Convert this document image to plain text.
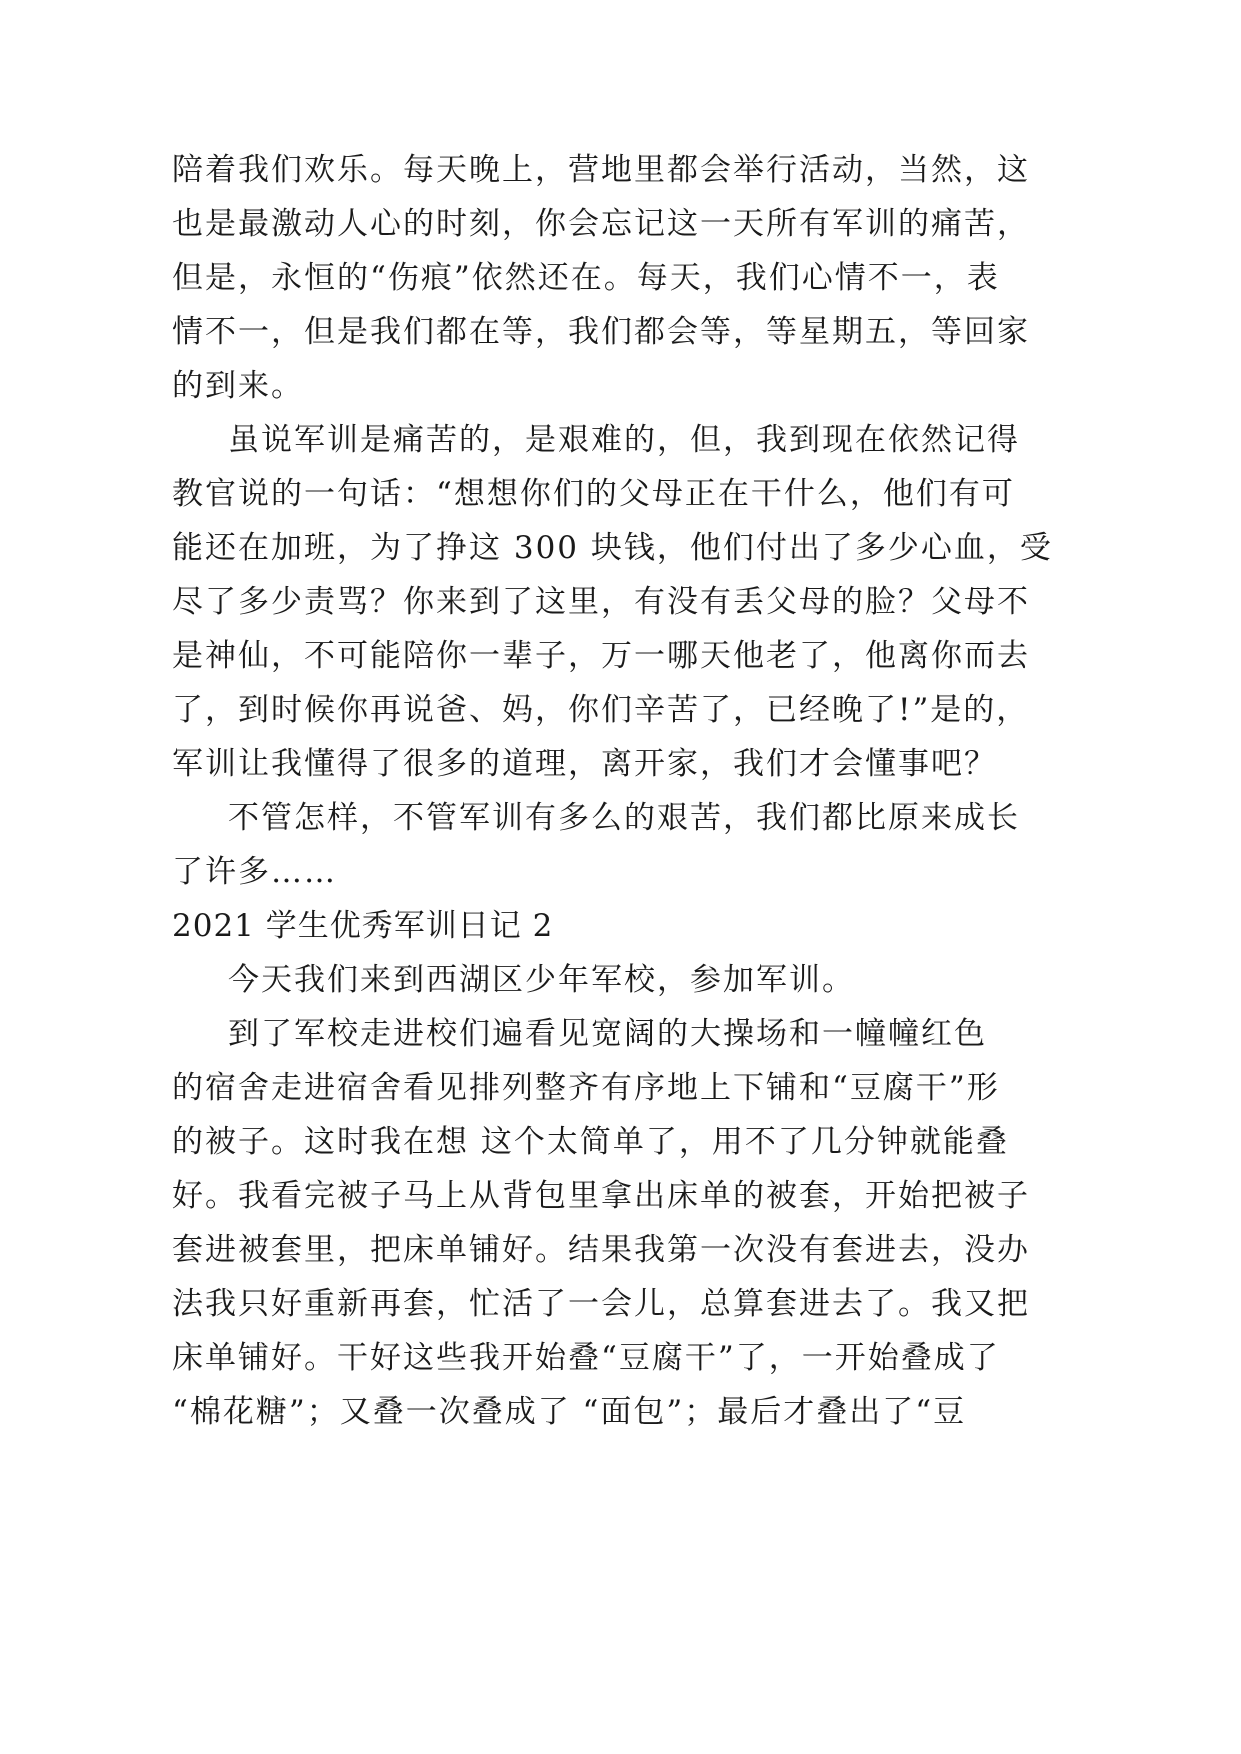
陪着我们欢乐。每天晚上，营地里都会举行活动，当然，这
也是最激动人心的时刻，你会忘记这一天所有军训的痛苦，
但是，永恒的“伤痕”依然还在。每天，我们心情不一，表
情不一，但是我们都在等，我们都会等，等星期五，等回家
的到来。
虽说军训是痛苦的，是艰难的，但，我到现在依然记得
教官说的一句话：“想想你们的父母正在干什么，他们有可
能还在加班，为了挣这 300 块钱，他们付出了多少心血，受
尽了多少责骂？你来到了这里，有没有丢父母的脸？父母不
是神仙，不可能陪你一辈子，万一哪天他老了，他离你而去
了，到时候你再说爸、妈，你们辛苦了，已经晚了!”是的，
军训让我懂得了很多的道理，离开家，我们才会懂事吧？
不管怎样，不管军训有多么的艰苦，我们都比原来成长
了许多……
2021 学生优秀军训日记 2
今天我们来到西湖区少年军校，参加军训。
到了军校走进校们遍看见宽阔的大操场和一幢幢红色
的宿舍走进宿舍看见排列整齐有序地上下铺和“豆腐干”形
的被子。这时我在想 这个太简单了，用不了几分钟就能叠
好。我看完被子马上从背包里拿出床单的被套，开始把被子
套进被套里，把床单铺好。结果我第一次没有套进去，没办
法我只好重新再套，忙活了一会儿，总算套进去了。我又把
床单铺好。干好这些我开始叠“豆腐干”了，一开始叠成了
“棉花糖”；又叠一次叠成了 “面包”；最后才叠出了“豆
